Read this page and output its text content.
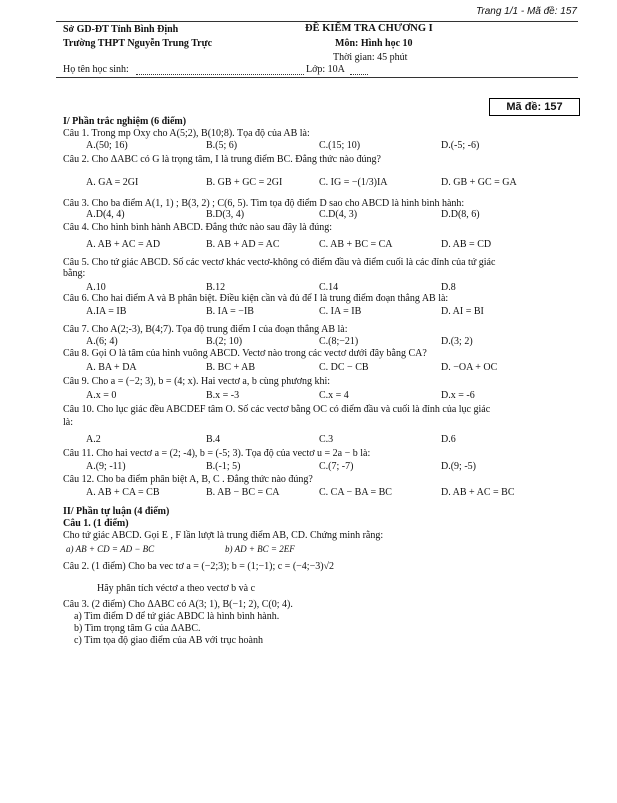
Trang 1/1 - Mã đề: 157
Sở GD-ĐT Tỉnh Bình Định
Trường THPT Nguyễn Trung Trực
ĐỀ KIỂM TRA CHƯƠNG I
Môn: Hình học 10
Thời gian: 45 phút
Họ tên học sinh:	Lớp: 10A
Mã đề: 157
I/ Phần trắc nghiệm (6 điểm)
Câu 1. Trong mp Oxy cho A(5;2), B(10;8). Tọa độ của AB là:
A.(50; 16)	B.(5; 6)	C.(15; 10)	D.(-5; -6)
Câu 2. Cho ΔABC có G là trọng tâm, I là trung điểm BC. Đẳng thức nào đúng?
A. GA = 2GI	B. GB + GC = 2GI	C. IG = −(1/3)IA	D. GB + GC = GA
Câu 3. Cho ba điểm A(1, 1) ; B(3, 2) ; C(6, 5). Tìm tọa độ điểm D sao cho ABCD là hình bình hành:
A.D(4, 4)	B.D(3, 4)	C.D(4, 3)	D.D(8, 6)
Câu 4. Cho hình bình hành ABCD. Đẳng thức nào sau đây là đúng:
A. AB + AC = AD	B. AB + AD = AC	C. AB + BC = CA	D. AB = CD
Câu 5. Cho tứ giác ABCD. Số các vectơ khác vectơ-không có điểm đầu và điểm cuối là các đỉnh của tứ giác
bằng:
A.10	B.12	C.14	D.8
Câu 6. Cho hai điểm A và B phân biệt. Điều kiện cần và đủ để I là trung điểm đoạn thẳng AB là:
A.IA = IB	B. IA = −IB	C. IA = IB	D. AI = BI
Câu 7. Cho A(2;-3), B(4;7). Tọa độ trung điểm I của đoạn thẳng AB là:
A.(6; 4)	B.(2; 10)	C.(8;−21)	D.(3; 2)
Câu 8. Gọi O là tâm của hình vuông ABCD. Vectơ nào trong các vectơ dưới đây bằng CA?
A. BA + DA	B. BC + AB	C. DC − CB	D. −OA + OC
Câu 9. Cho a = (−2; 3), b = (4; x). Hai vectơ a, b cùng phương khi:
A.x = 0	B.x = -3	C.x = 4	D.x = -6
Câu 10. Cho lục giác đều ABCDEF tâm O. Số các vectơ bằng OC có điểm đầu và cuối là đỉnh của lục giác
là:
A.2	B.4	C.3	D.6
Câu 11. Cho hai vectơ a = (2; -4), b = (-5; 3). Tọa độ của vectơ u = 2a − b là:
A.(9; -11)	B.(-1; 5)	C.(7; -7)	D.(9; -5)
Câu 12. Cho ba điểm phân biệt A, B, C . Đẳng thức nào đúng?
A. AB + CA = CB	B. AB − BC = CA	C. CA − BA = BC	D. AB + AC = BC
II/ Phần tự luận (4 điểm)
Câu 1. (1 điểm)
Cho tứ giác ABCD. Gọi E , F lần lượt là trung điểm AB, CD. Chứng minh rằng:
a) AB + CD = AD − BC	b) AD + BC = 2EF
Câu 2. (1 điểm) Cho ba vec tơ a = (−2;3); b = (1;−1); c = (−4;−3)√2
Hãy phân tích véctơ a theo vectơ b và c
Câu 3. (2 điểm) Cho ΔABC có A(3; 1), B(−1; 2), C(0; 4).
a) Tìm điểm D để tứ giác ABDC là hình bình hành.
b) Tìm trọng tâm G của ΔABC.
c) Tìm tọa độ giao điểm của AB với trục hoành
